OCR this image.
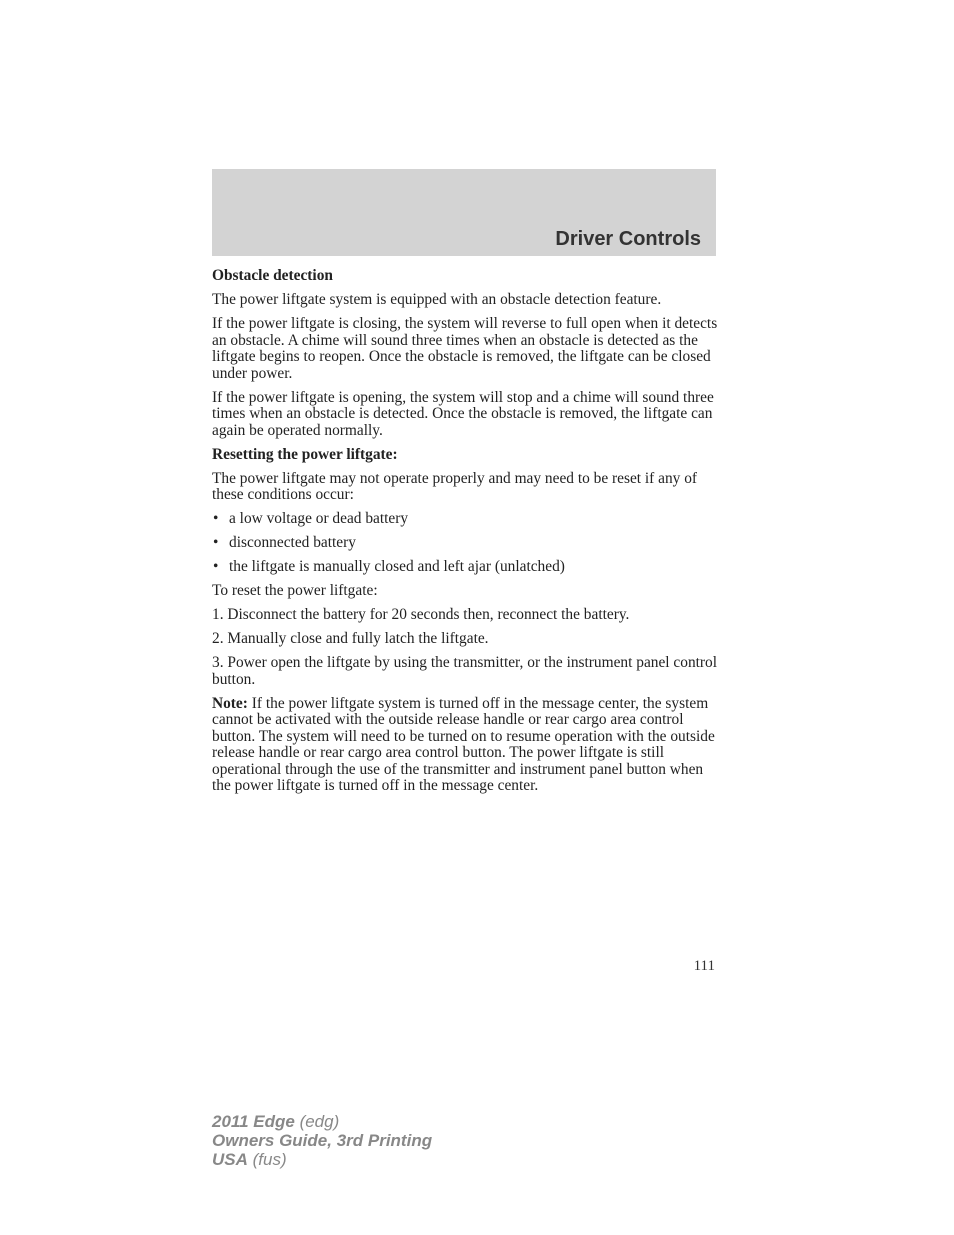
Driver Controls
Obstacle detection

The power liftgate system is equipped with an obstacle detection feature.

If the power liftgate is closing, the system will reverse to full open when it detects an obstacle. A chime will sound three times when an obstacle is detected as the liftgate begins to reopen. Once the obstacle is removed, the liftgate can be closed under power.

If the power liftgate is opening, the system will stop and a chime will sound three times when an obstacle is detected. Once the obstacle is removed, the liftgate can again be operated normally.

Resetting the power liftgate:

The power liftgate may not operate properly and may need to be reset if any of these conditions occur:

• a low voltage or dead battery
• disconnected battery
• the liftgate is manually closed and left ajar (unlatched)

To reset the power liftgate:

1. Disconnect the battery for 20 seconds then, reconnect the battery.

2. Manually close and fully latch the liftgate.

3. Power open the liftgate by using the transmitter, or the instrument panel control button.

Note: If the power liftgate system is turned off in the message center, the system cannot be activated with the outside release handle or rear cargo area control button. The system will need to be turned on to resume operation with the outside release handle or rear cargo area control button. The power liftgate is still operational through the use of the transmitter and instrument panel button when the power liftgate is turned off in the message center.

111
2011 Edge (edg)
Owners Guide, 3rd Printing
USA (fus)
